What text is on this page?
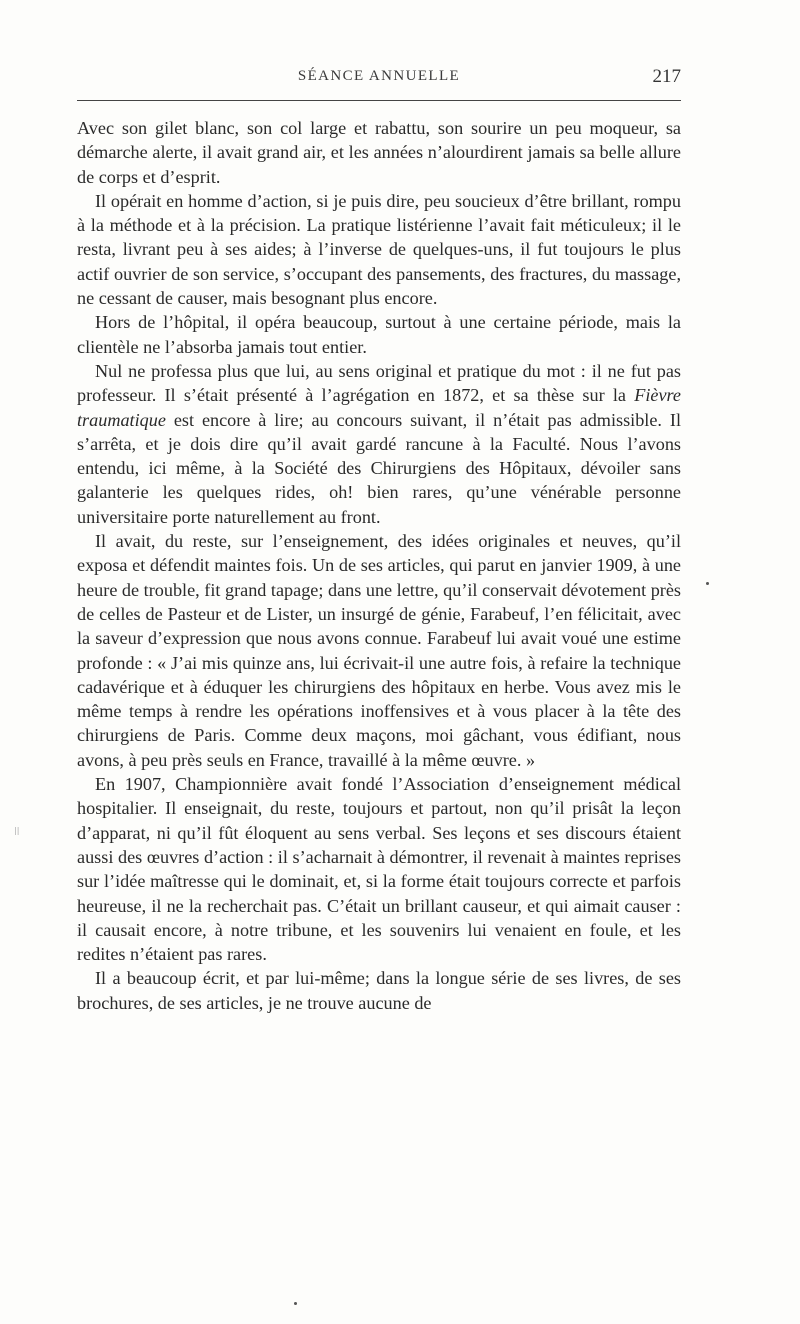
SÉANCE ANNUELLE	217

Avec son gilet blanc, son col large et rabattu, son sourire un peu moqueur, sa démarche alerte, il avait grand air, et les années n’alourdirent jamais sa belle allure de corps et d’esprit.

Il opérait en homme d’action, si je puis dire, peu soucieux d’être brillant, rompu à la méthode et à la précision. La pratique listérienne l’avait fait méticuleux; il le resta, livrant peu à ses aides; à l’inverse de quelques-uns, il fut toujours le plus actif ouvrier de son service, s’occupant des pansements, des fractures, du massage, ne cessant de causer, mais besognant plus encore.

Hors de l’hôpital, il opéra beaucoup, surtout à une certaine période, mais la clientèle ne l’absorba jamais tout entier.

Nul ne professa plus que lui, au sens original et pratique du mot : il ne fut pas professeur. Il s’était présenté à l’agrégation en 1872, et sa thèse sur la Fièvre traumatique est encore à lire; au concours suivant, il n’était pas admissible. Il s’arrêta, et je dois dire qu’il avait gardé rancune à la Faculté. Nous l’avons entendu, ici même, à la Société des Chirurgiens des Hôpitaux, dévoiler sans galanterie les quelques rides, oh! bien rares, qu’une vénérable personne universitaire porte naturellement au front.

Il avait, du reste, sur l’enseignement, des idées originales et neuves, qu’il exposa et défendit maintes fois. Un de ses articles, qui parut en janvier 1909, à une heure de trouble, fit grand tapage; dans une lettre, qu’il conservait dévotement près de celles de Pasteur et de Lister, un insurgé de génie, Farabeuf, l’en félicitait, avec la saveur d’expression que nous avons connue. Farabeuf lui avait voué une estime profonde : « J’ai mis quinze ans, lui écrivait-il une autre fois, à refaire la technique cadavérique et à éduquer les chirurgiens des hôpitaux en herbe. Vous avez mis le même temps à rendre les opérations inoffensives et à vous placer à la tête des chirurgiens de Paris. Comme deux maçons, moi gâchant, vous édifiant, nous avons, à peu près seuls en France, travaillé à la même œuvre. »

En 1907, Championnière avait fondé l’Association d’enseignement médical hospitalier. Il enseignait, du reste, toujours et partout, non qu’il prisât la leçon d’apparat, ni qu’il fût éloquent au sens verbal. Ses leçons et ses discours étaient aussi des œuvres d’action : il s’acharnait à démontrer, il revenait à maintes reprises sur l’idée maîtresse qui le dominait, et, si la forme était toujours correcte et parfois heureuse, il ne la recherchait pas. C’était un brillant causeur, et qui aimait causer : il causait encore, à notre tribune, et les souvenirs lui venaient en foule, et les redites n’étaient pas rares.

Il a beaucoup écrit, et par lui-même; dans la longue série de ses livres, de ses brochures, de ses articles, je ne trouve aucune de

||
